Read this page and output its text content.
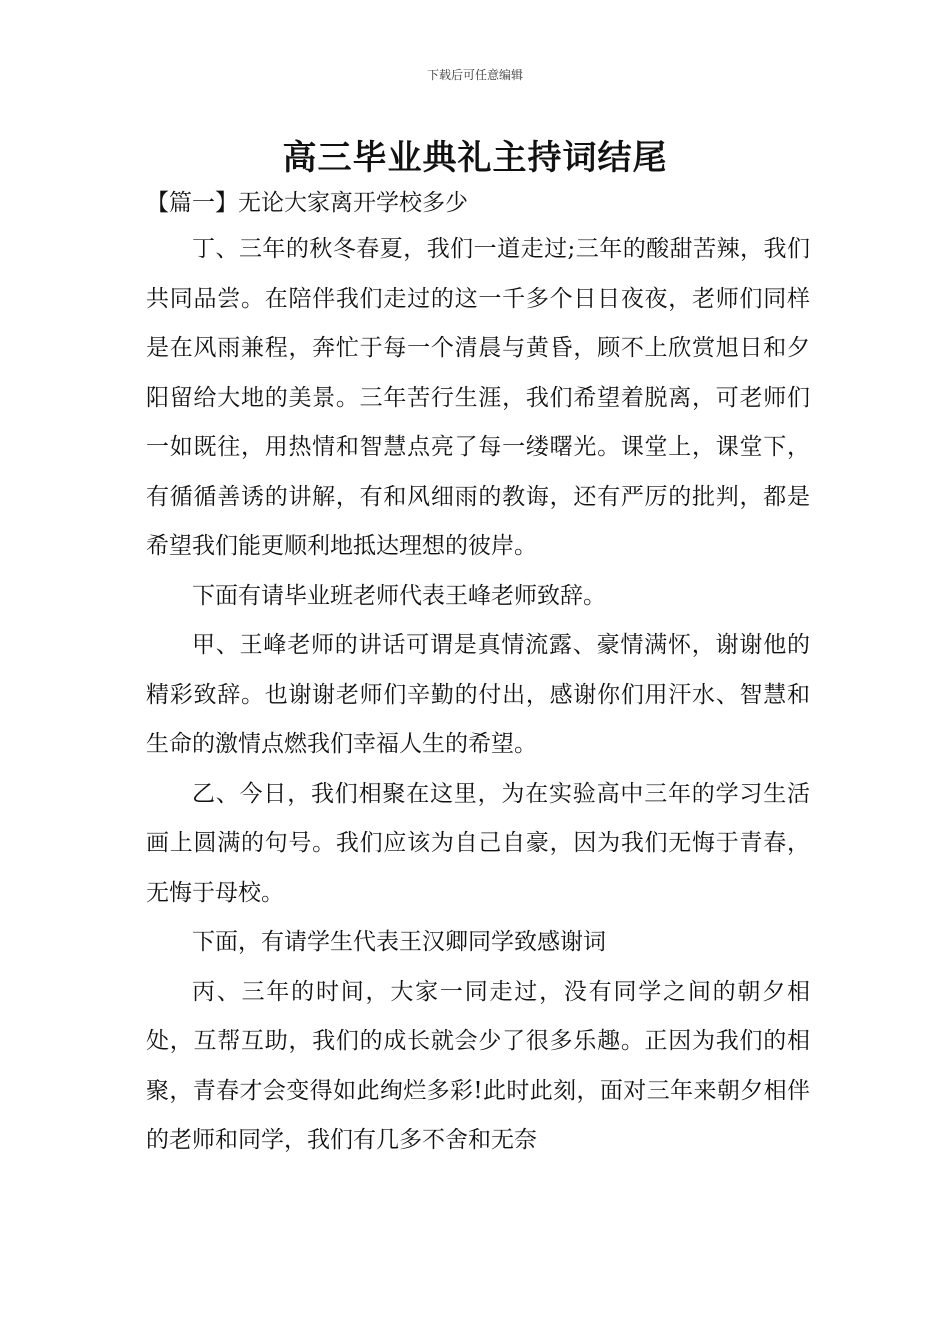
下载后可任意编辑
高三毕业典礼主持词结尾
【篇一】无论大家离开学校多少

丁、三年的秋冬春夏，我们一道走过;三年的酸甜苦辣，我们共同品尝。在陪伴我们走过的这一千多个日日夜夜，老师们同样是在风雨兼程，奔忙于每一个清晨与黄昏，顾不上欣赏旭日和夕阳留给大地的美景。三年苦行生涯，我们希望着脱离，可老师们一如既往，用热情和智慧点亮了每一缕曙光。课堂上，课堂下，有循循善诱的讲解，有和风细雨的教诲，还有严厉的批判，都是希望我们能更顺利地抵达理想的彼岸。

下面有请毕业班老师代表王峰老师致辞。

甲、王峰老师的讲话可谓是真情流露、豪情满怀，谢谢他的精彩致辞。也谢谢老师们辛勤的付出，感谢你们用汗水、智慧和生命的激情点燃我们幸福人生的希望。

乙、今日，我们相聚在这里，为在实验高中三年的学习生活画上圆满的句号。我们应该为自己自豪，因为我们无悔于青春，无悔于母校。

下面，有请学生代表王汉卿同学致感谢词

丙、三年的时间，大家一同走过，没有同学之间的朝夕相处，互帮互助，我们的成长就会少了很多乐趣。正因为我们的相聚，青春才会变得如此绚烂多彩!此时此刻，面对三年来朝夕相伴的老师和同学，我们有几多不舍和无奈
